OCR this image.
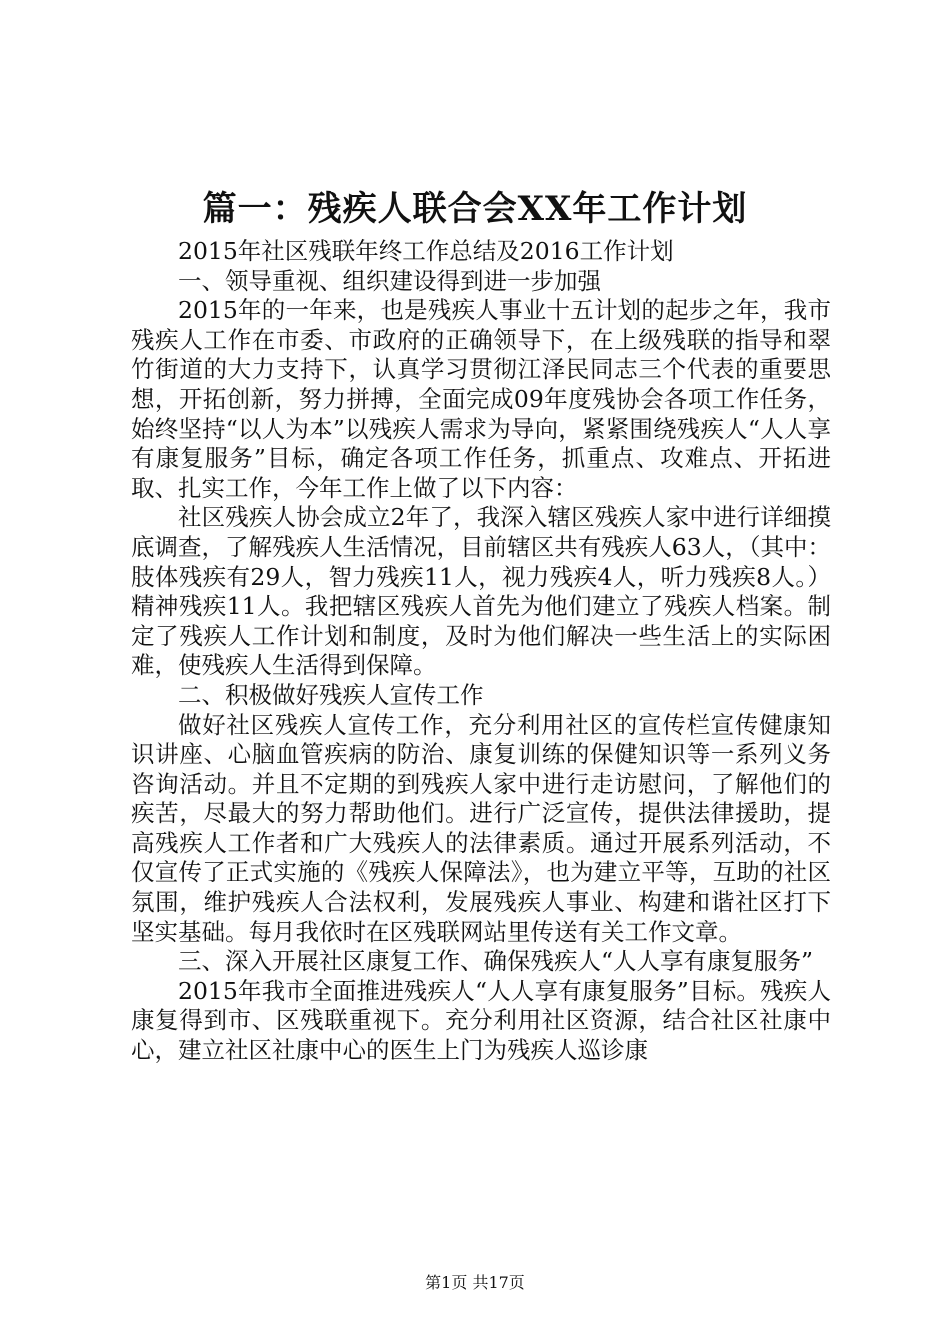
篇一：残疾人联合会XX年工作计划

2015年社区残联年终工作总结及2016工作计划

一、领导重视、组织建设得到进一步加强

2015年的一年来，也是残疾人事业十五计划的起步之年，我市残疾人工作在市委、市政府的正确领导下，在上级残联的指导和翠竹街道的大力支持下，认真学习贯彻江泽民同志三个代表的重要思想，开拓创新，努力拼搏，全面完成09年度残协会各项工作任务，始终坚持“以人为本”以残疾人需求为导向，紧紧围绕残疾人“人人享有康复服务”目标，确定各项工作任务，抓重点、攻难点、开拓进取、扎实工作，今年工作上做了以下内容：

社区残疾人协会成立2年了，我深入辖区残疾人家中进行详细摸底调查，了解残疾人生活情况，目前辖区共有残疾人63人，（其中：肢体残疾有29人，智力残疾11人，视力残疾4人，听力残疾8人。）精神残疾11人。我把辖区残疾人首先为他们建立了残疾人档案。制定了残疾人工作计划和制度，及时为他们解决一些生活上的实际困难，使残疾人生活得到保障。

二、积极做好残疾人宣传工作

做好社区残疾人宣传工作，充分利用社区的宣传栏宣传健康知识讲座、心脑血管疾病的防治、康复训练的保健知识等一系列义务咨询活动。并且不定期的到残疾人家中进行走访慰问，了解他们的疾苦，尽最大的努力帮助他们。进行广泛宣传，提供法律援助，提高残疾人工作者和广大残疾人的法律素质。通过开展系列活动，不仅宣传了正式实施的《残疾人保障法》，也为建立平等，互助的社区氛围，维护残疾人合法权利，发展残疾人事业、构建和谐社区打下坚实基础。每月我依时在区残联网站里传送有关工作文章。

三、深入开展社区康复工作、确保残疾人“人人享有康复服务”

2015年我市全面推进残疾人“人人享有康复服务”目标。残疾人康复得到市、区残联重视下。充分利用社区资源，结合社区社康中心，建立社区社康中心的医生上门为残疾人巡诊康

第1页 共17页
